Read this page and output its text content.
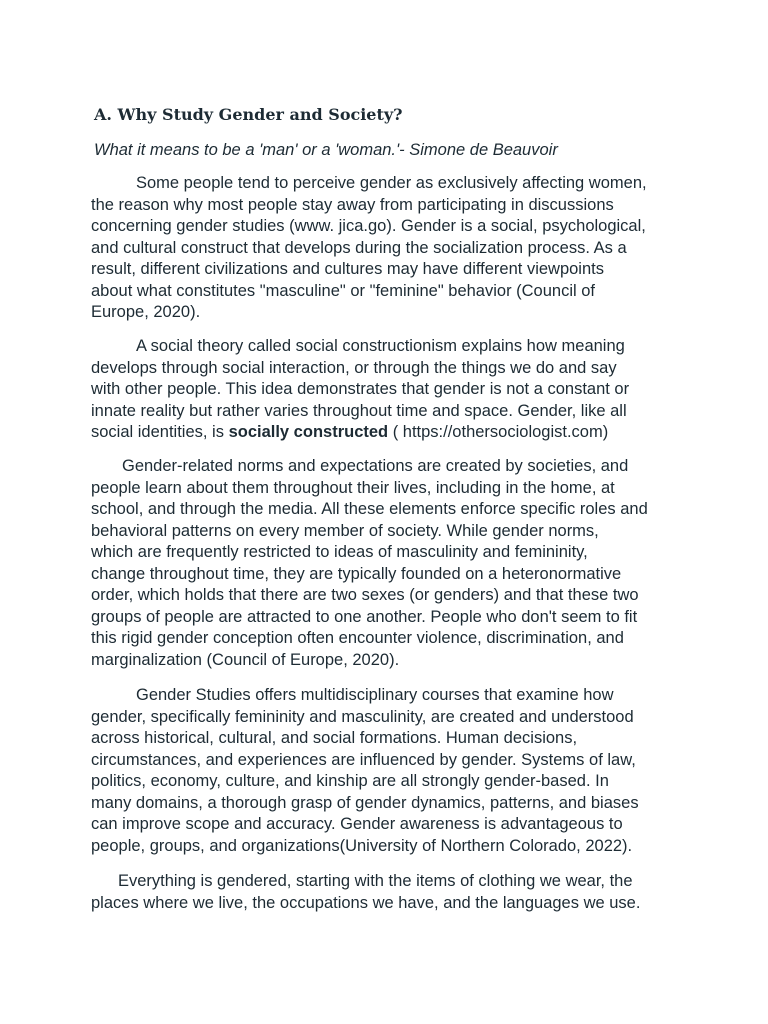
A. Why Study Gender and Society?

What it means to be a 'man' or a 'woman.'- Simone de Beauvoir

Some people tend to perceive gender as exclusively affecting women,
the reason why most people stay away from participating in discussions
concerning gender studies (www. jica.go). Gender is a social, psychological,
and cultural construct that develops during the socialization process. As a
result, different civilizations and cultures may have different viewpoints
about what constitutes "masculine" or "feminine" behavior (Council of
Europe, 2020).

A social theory called social constructionism explains how meaning
develops through social interaction, or through the things we do and say
with other people. This idea demonstrates that gender is not a constant or
innate reality but rather varies throughout time and space. Gender, like all
social identities, is socially constructed ( https://othersociologist.com)

Gender-related norms and expectations are created by societies, and
people learn about them throughout their lives, including in the home, at
school, and through the media. All these elements enforce specific roles and
behavioral patterns on every member of society. While gender norms,
which are frequently restricted to ideas of masculinity and femininity,
change throughout time, they are typically founded on a heteronormative
order, which holds that there are two sexes (or genders) and that these two
groups of people are attracted to one another. People who don't seem to fit
this rigid gender conception often encounter violence, discrimination, and
marginalization (Council of Europe, 2020).

Gender Studies offers multidisciplinary courses that examine how
gender, specifically femininity and masculinity, are created and understood
across historical, cultural, and social formations. Human decisions,
circumstances, and experiences are influenced by gender. Systems of law,
politics, economy, culture, and kinship are all strongly gender-based. In
many domains, a thorough grasp of gender dynamics, patterns, and biases
can improve scope and accuracy. Gender awareness is advantageous to
people, groups, and organizations(University of Northern Colorado, 2022).

Everything is gendered, starting with the items of clothing we wear, the
places where we live, the occupations we have, and the languages we use.
